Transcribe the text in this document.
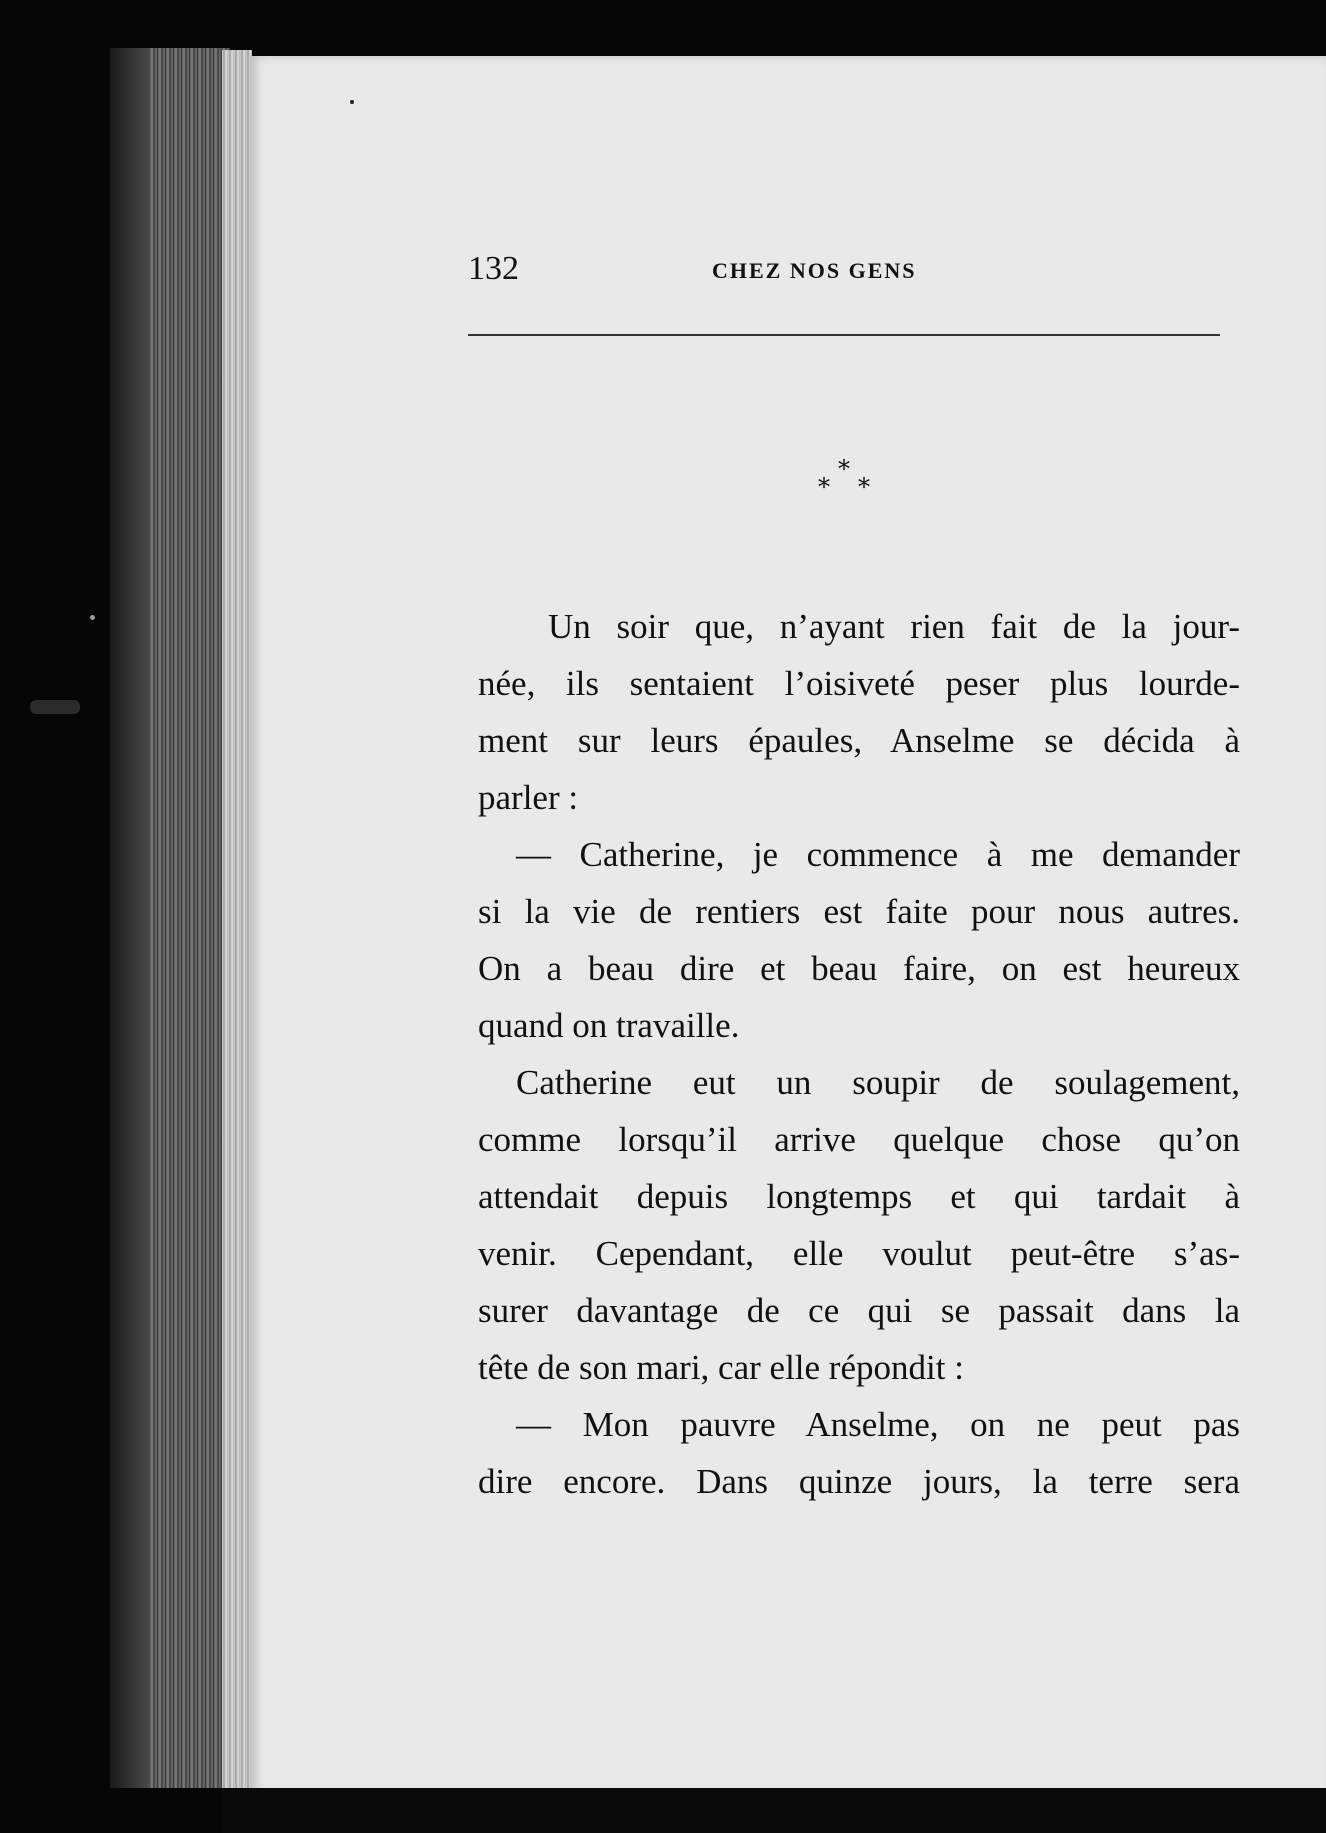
132	CHEZ NOS GENS
*
*
*
Un soir que, n’ayant rien fait de la jour-
née, ils sentaient l’oisiveté peser plus lourde-
ment sur leurs épaules, Anselme se décida à
parler :
— Catherine, je commence à me demander
si la vie de rentiers est faite pour nous autres.
On a beau dire et beau faire, on est heureux
quand on travaille.
Catherine eut un soupir de soulagement,
comme lorsqu’il arrive quelque chose qu’on
attendait depuis longtemps et qui tardait à
venir. Cependant, elle voulut peut-être s’as-
surer davantage de ce qui se passait dans la
tête de son mari, car elle répondit :
— Mon pauvre Anselme, on ne peut pas
dire encore. Dans quinze jours, la terre sera
